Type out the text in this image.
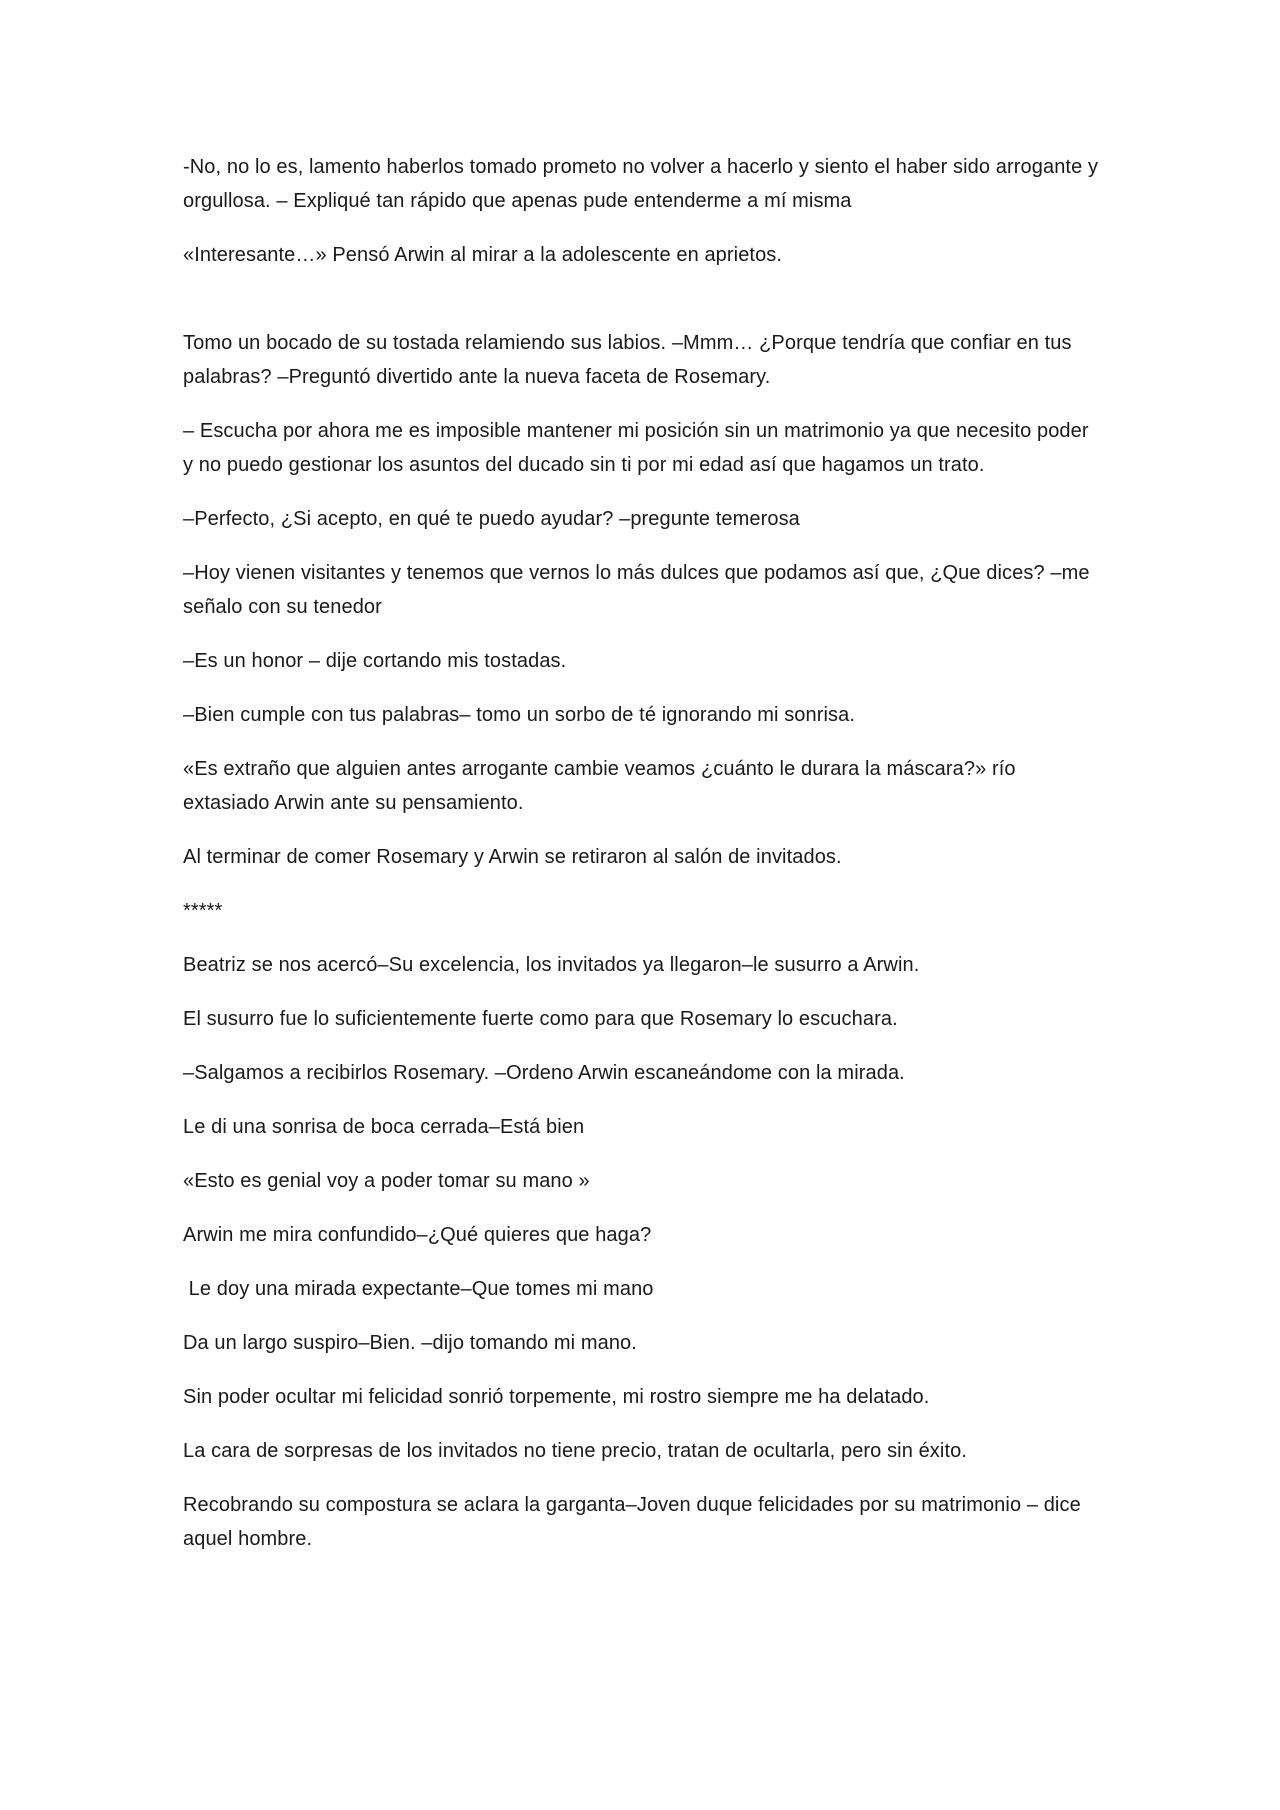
-No, no lo es, lamento haberlos tomado prometo no volver a hacerlo y siento el haber sido arrogante y orgullosa. – Expliqué tan rápido que apenas pude entenderme a mí misma

«Interesante…» Pensó Arwin al mirar a la adolescente en aprietos.

Tomo un bocado de su tostada relamiendo sus labios. –Mmm… ¿Porque tendría que confiar en tus palabras? –Preguntó divertido ante la nueva faceta de Rosemary.

– Escucha por ahora me es imposible mantener mi posición sin un matrimonio ya que necesito poder y no puedo gestionar los asuntos del ducado sin ti por mi edad así que hagamos un trato.

–Perfecto, ¿Si acepto, en qué te puedo ayudar? –pregunte temerosa

–Hoy vienen visitantes y tenemos que vernos lo más dulces que podamos así que, ¿Que dices? –me señalo con su tenedor

–Es un honor – dije cortando mis tostadas.

–Bien cumple con tus palabras– tomo un sorbo de té ignorando mi sonrisa.

«Es extraño que alguien antes arrogante cambie veamos ¿cuánto le durara la máscara?» río extasiado Arwin ante su pensamiento.

Al terminar de comer Rosemary y Arwin se retiraron al salón de invitados.

*****

Beatriz se nos acercó–Su excelencia, los invitados ya llegaron–le susurro a Arwin.

El susurro fue lo suficientemente fuerte como para que Rosemary lo escuchara.

–Salgamos a recibirlos Rosemary. –Ordeno Arwin escaneándome con la mirada.

Le di una sonrisa de boca cerrada–Está bien

«Esto es genial voy a poder tomar su mano »

Arwin me mira confundido–¿Qué quieres que haga?

Le doy una mirada expectante–Que tomes mi mano

Da un largo suspiro–Bien. –dijo tomando mi mano.

Sin poder ocultar mi felicidad sonrió torpemente, mi rostro siempre me ha delatado.

La cara de sorpresas de los invitados no tiene precio, tratan de ocultarla, pero sin éxito.

Recobrando su compostura se aclara la garganta–Joven duque felicidades por su matrimonio – dice aquel hombre.
